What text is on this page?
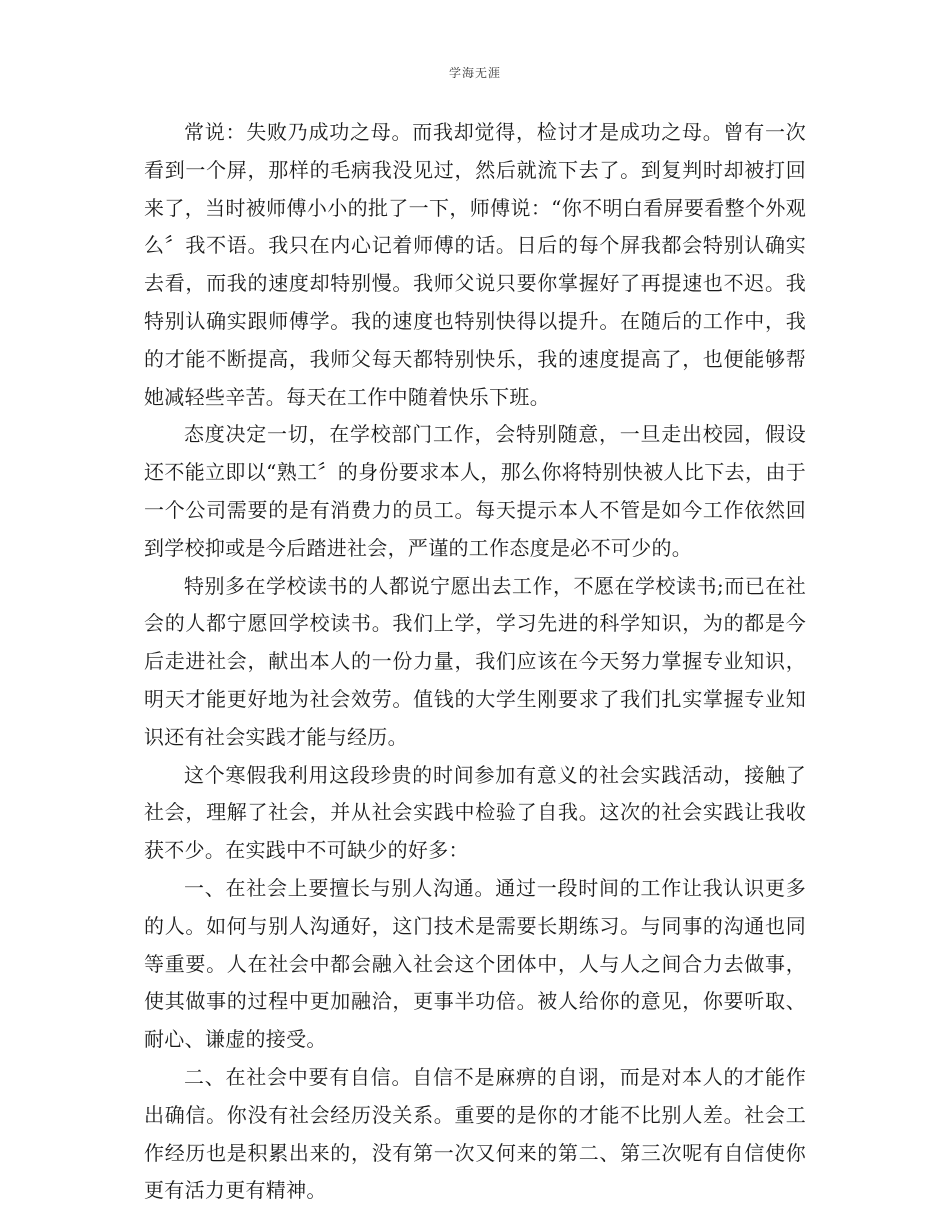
学海无涯

常说：失败乃成功之母。而我却觉得，检讨才是成功之母。曾有一次看到一个屏，那样的毛病我没见过，然后就流下去了。到复判时却被打回来了，当时被师傅小小的批了一下，师傅说：“你不明白看屏要看整个外观么〞我不语。我只在内心记着师傅的话。日后的每个屏我都会特别认确实去看，而我的速度却特别慢。我师父说只要你掌握好了再提速也不迟。我特别认确实跟师傅学。我的速度也特别快得以提升。在随后的工作中，我的才能不断提高，我师父每天都特别快乐，我的速度提高了，也便能够帮她减轻些辛苦。每天在工作中随着快乐下班。

态度决定一切，在学校部门工作，会特别随意，一旦走出校园，假设还不能立即以“熟工〞的身份要求本人，那么你将特别快被人比下去，由于一个公司需要的是有消费力的员工。每天提示本人不管是如今工作依然回到学校抑或是今后踏进社会，严谨的工作态度是必不可少的。

特别多在学校读书的人都说宁愿出去工作，不愿在学校读书;而已在社会的人都宁愿回学校读书。我们上学，学习先进的科学知识，为的都是今后走进社会，献出本人的一份力量，我们应该在今天努力掌握专业知识，明天才能更好地为社会效劳。值钱的大学生刚要求了我们扎实掌握专业知识还有社会实践才能与经历。

这个寒假我利用这段珍贵的时间参加有意义的社会实践活动，接触了社会，理解了社会，并从社会实践中检验了自我。这次的社会实践让我收获不少。在实践中不可缺少的好多：

一、在社会上要擅长与别人沟通。通过一段时间的工作让我认识更多的人。如何与别人沟通好，这门技术是需要长期练习。与同事的沟通也同等重要。人在社会中都会融入社会这个团体中，人与人之间合力去做事，使其做事的过程中更加融洽，更事半功倍。被人给你的意见，你要听取、耐心、谦虚的接受。

二、在社会中要有自信。自信不是麻痹的自诩，而是对本人的才能作出确信。你没有社会经历没关系。重要的是你的才能不比别人差。社会工作经历也是积累出来的，没有第一次又何来的第二、第三次呢有自信使你更有活力更有精神。
